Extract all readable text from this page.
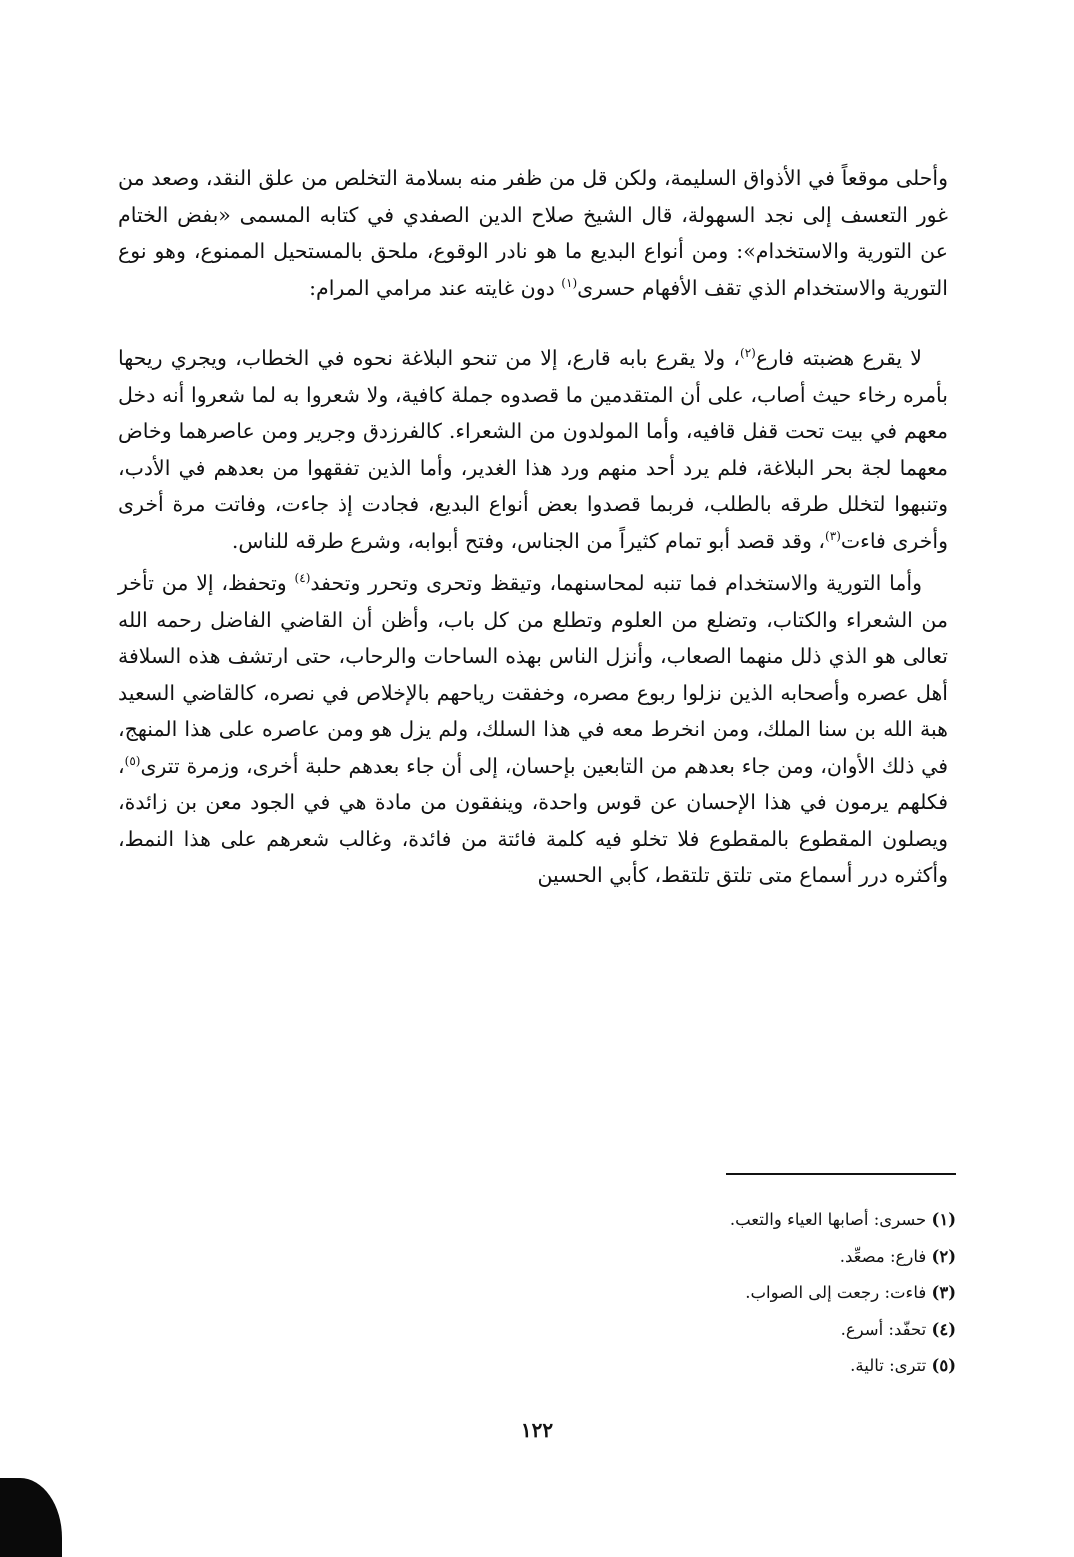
وأحلى موقعاً في الأذواق السليمة، ولكن قل من ظفر منه بسلامة التخلص من علق النقد، وصعد من غور التعسف إلى نجد السهولة، قال الشيخ صلاح الدين الصفدي في كتابه المسمى «بفض الختام عن التورية والاستخدام»: ومن أنواع البديع ما هو نادر الوقوع، ملحق بالمستحيل الممنوع، وهو نوع التورية والاستخدام الذي تقف الأفهام حسرى$^{(١)}$ دون غايته عند مرامي المرام:

لا يقرع هضبته فارع$^{(٢)}$، ولا يقرع بابه قارع، إلا من تنحو البلاغة نحوه في الخطاب، ويجري ريحها بأمره رخاء حيث أصاب، على أن المتقدمين ما قصدوه جملة كافية، ولا شعروا به لما شعروا أنه دخل معهم في بيت تحت قفل قافيه، وأما المولدون من الشعراء. كالفرزدق وجرير ومن عاصرهما وخاض معهما لجة بحر البلاغة، فلم يرد أحد منهم ورد هذا الغدير، وأما الذين تفقهوا من بعدهم في الأدب، وتنبهوا لتخلل طرقه بالطلب، فربما قصدوا بعض أنواع البديع، فجادت إذ جاءت، وفاتت مرة أخرى وأخرى فاءت$^{(٣)}$، وقد قصد أبو تمام كثيراً من الجناس، وفتح أبوابه، وشرع طرقه للناس.

وأما التورية والاستخدام فما تنبه لمحاسنهما، وتيقظ وتحرى وتحرر وتحفد$^{(٤)}$ وتحفظ، إلا من تأخر من الشعراء والكتاب، وتضلع من العلوم وتطلع من كل باب، وأظن أن القاضي الفاضل رحمه الله تعالى هو الذي ذلل منهما الصعاب، وأنزل الناس بهذه الساحات والرحاب، حتى ارتشف هذه السلافة أهل عصره وأصحابه الذين نزلوا ربوع مصره، وخفقت رياحهم بالإخلاص في نصره، كالقاضي السعيد هبة الله بن سنا الملك، ومن انخرط معه في هذا السلك، ولم يزل هو ومن عاصره على هذا المنهج، في ذلك الأوان، ومن جاء بعدهم من التابعين بإحسان، إلى أن جاء بعدهم حلبة أخرى، وزمرة تترى$^{(٥)}$، فكلهم يرمون في هذا الإحسان عن قوس واحدة، وينفقون من مادة هي في الجود معن بن زائدة، ويصلون المقطوع بالمقطوع فلا تخلو فيه كلمة فائتة من فائدة، وغالب شعرهم على هذا النمط، وأكثره درر أسماع متى تلتق تلتقط، كأبي الحسين

(١) حسرى: أصابها العياء والتعب.
(٢) فارع: مصعِّد.
(٣) فاءت: رجعت إلى الصواب.
(٤) تحفّد: أسرع.
(٥) تترى: تالية.
١٢٢
